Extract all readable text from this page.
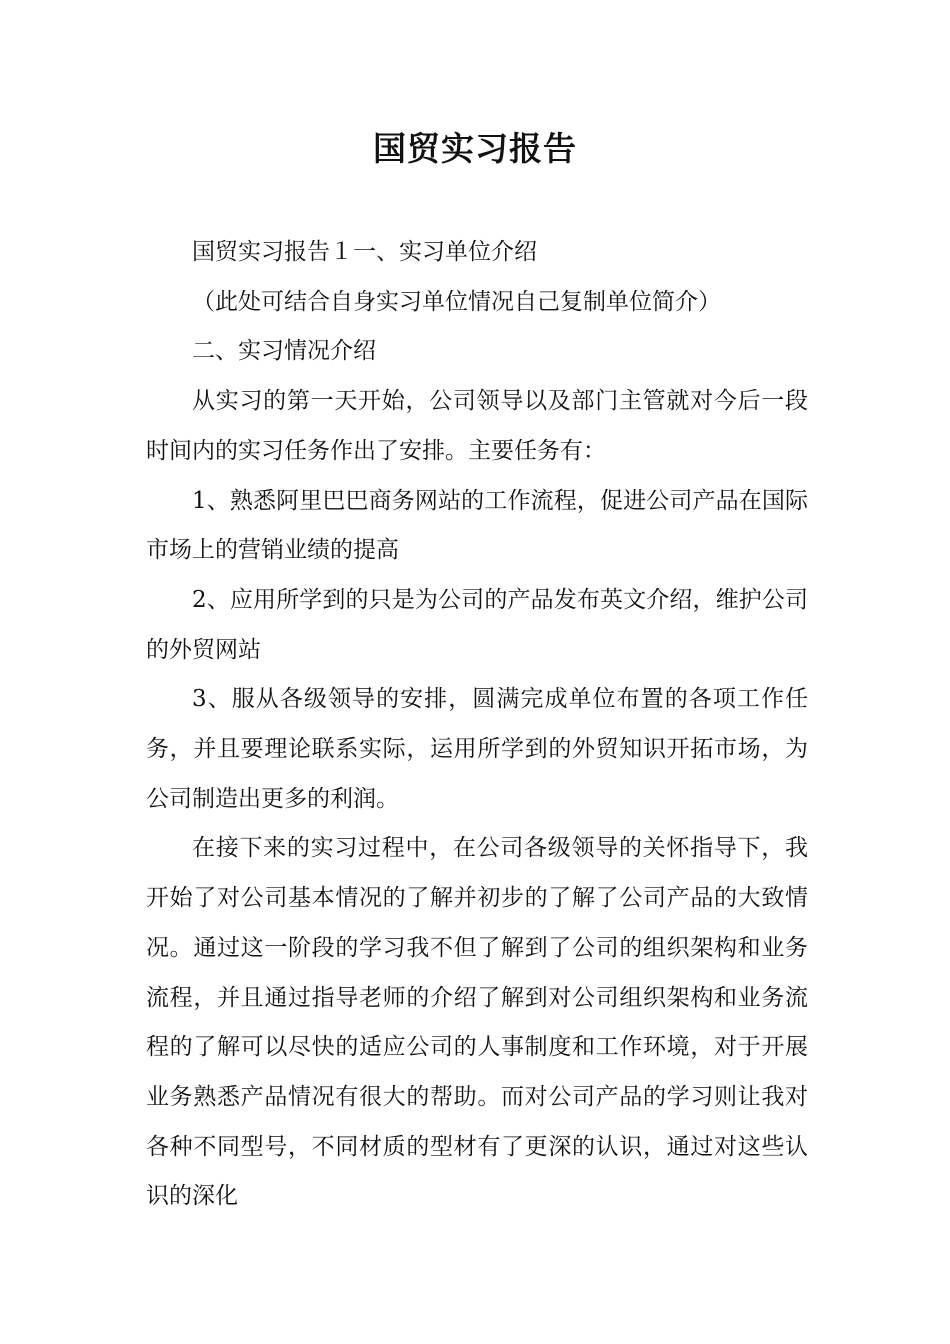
国贸实习报告

国贸实习报告１一、实习单位介绍

（此处可结合自身实习单位情况自己复制单位简介）

二、实习情况介绍

从实习的第一天开始，公司领导以及部门主管就对今后一段时间内的实习任务作出了安排。主要任务有：

1、熟悉阿里巴巴商务网站的工作流程，促进公司产品在国际市场上的营销业绩的提高

2、应用所学到的只是为公司的产品发布英文介绍，维护公司的外贸网站

3、服从各级领导的安排，圆满完成单位布置的各项工作任务，并且要理论联系实际，运用所学到的外贸知识开拓市场，为公司制造出更多的利润。

在接下来的实习过程中，在公司各级领导的关怀指导下，我开始了对公司基本情况的了解并初步的了解了公司产品的大致情况。通过这一阶段的学习我不但了解到了公司的组织架构和业务流程，并且通过指导老师的介绍了解到对公司组织架构和业务流程的了解可以尽快的适应公司的人事制度和工作环境，对于开展业务熟悉产品情况有很大的帮助。而对公司产品的学习则让我对各种不同型号，不同材质的型材有了更深的认识，通过对这些认识的深化
